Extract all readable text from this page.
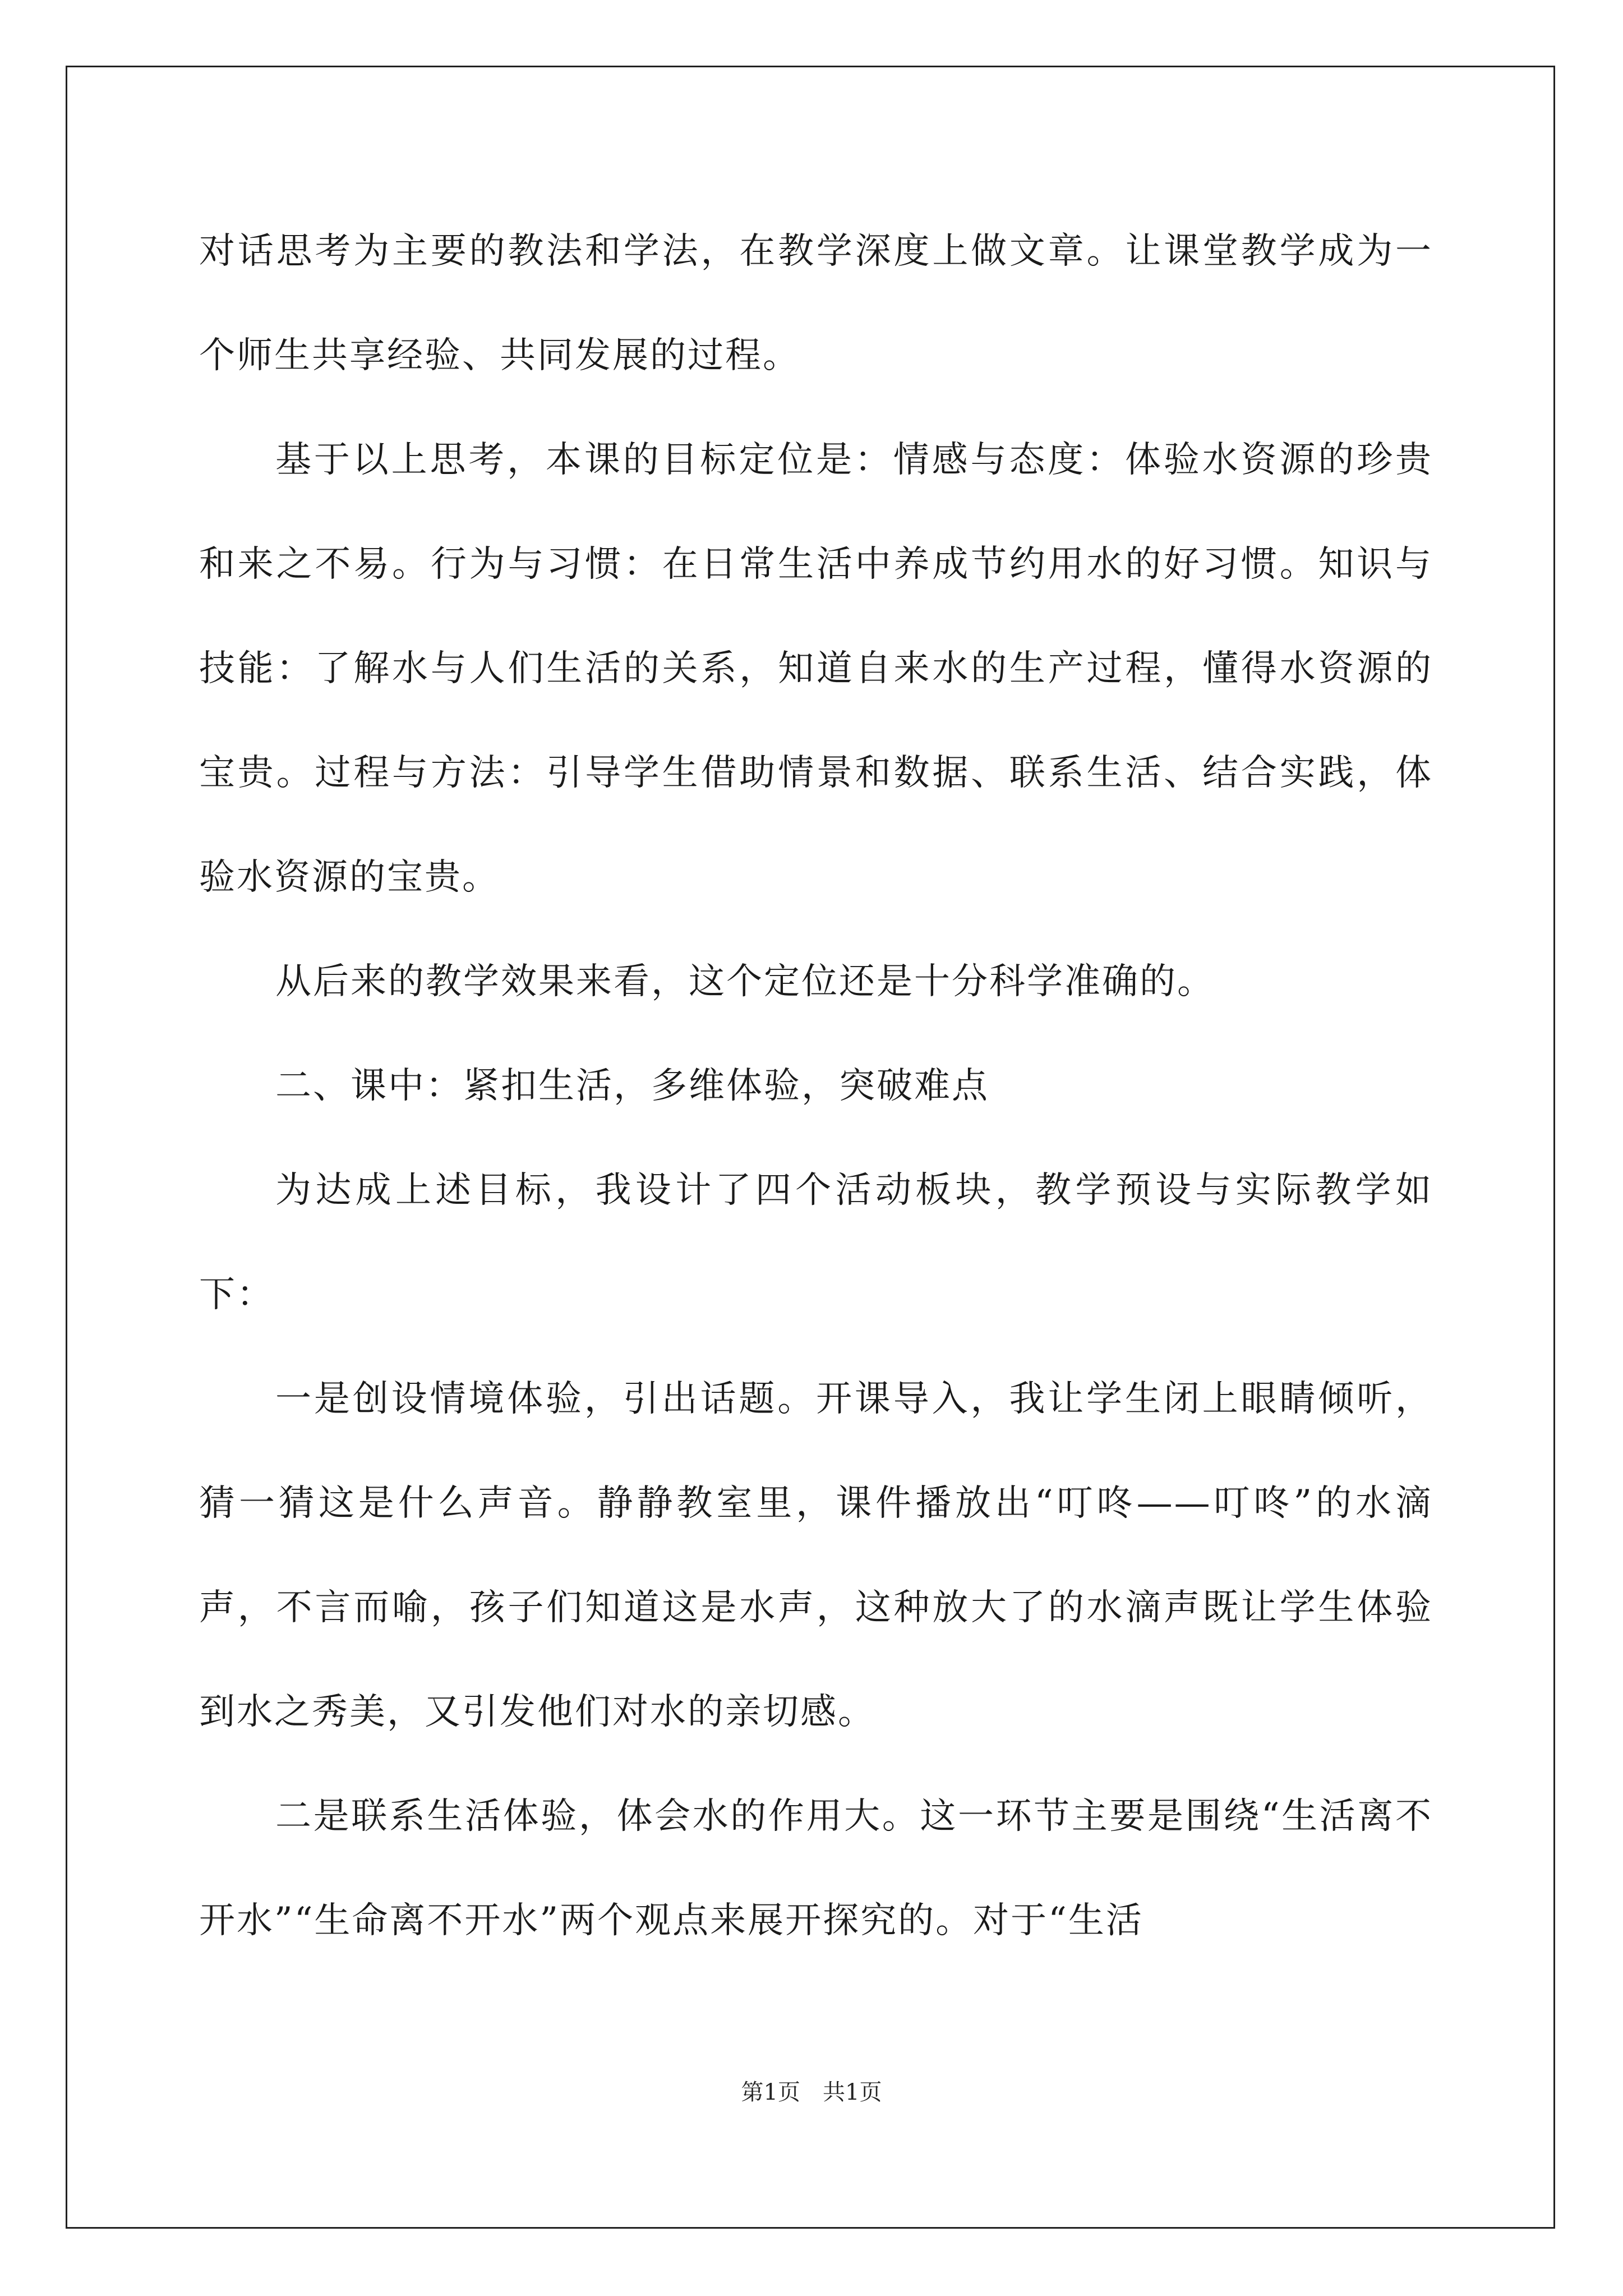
对话思考为主要的教法和学法，在教学深度上做文章。让课堂教学成为一个师生共享经验、共同发展的过程。

基于以上思考，本课的目标定位是：情感与态度：体验水资源的珍贵和来之不易。行为与习惯：在日常生活中养成节约用水的好习惯。知识与技能：了解水与人们生活的关系，知道自来水的生产过程，懂得水资源的宝贵。过程与方法：引导学生借助情景和数据、联系生活、结合实践，体验水资源的宝贵。

从后来的教学效果来看，这个定位还是十分科学准确的。

二、课中：紧扣生活，多维体验，突破难点

为达成上述目标，我设计了四个活动板块，教学预设与实际教学如下：

一是创设情境体验，引出话题。开课导入，我让学生闭上眼睛倾听，猜一猜这是什么声音。静静教室里，课件播放出“叮咚——叮咚”的水滴声，不言而喻，孩子们知道这是水声，这种放大了的水滴声既让学生体验到水之秀美，又引发他们对水的亲切感。

二是联系生活体验，体会水的作用大。这一环节主要是围绕“生活离不开水”“生命离不开水”两个观点来展开探究的。对于“生活

第1页 共1页
